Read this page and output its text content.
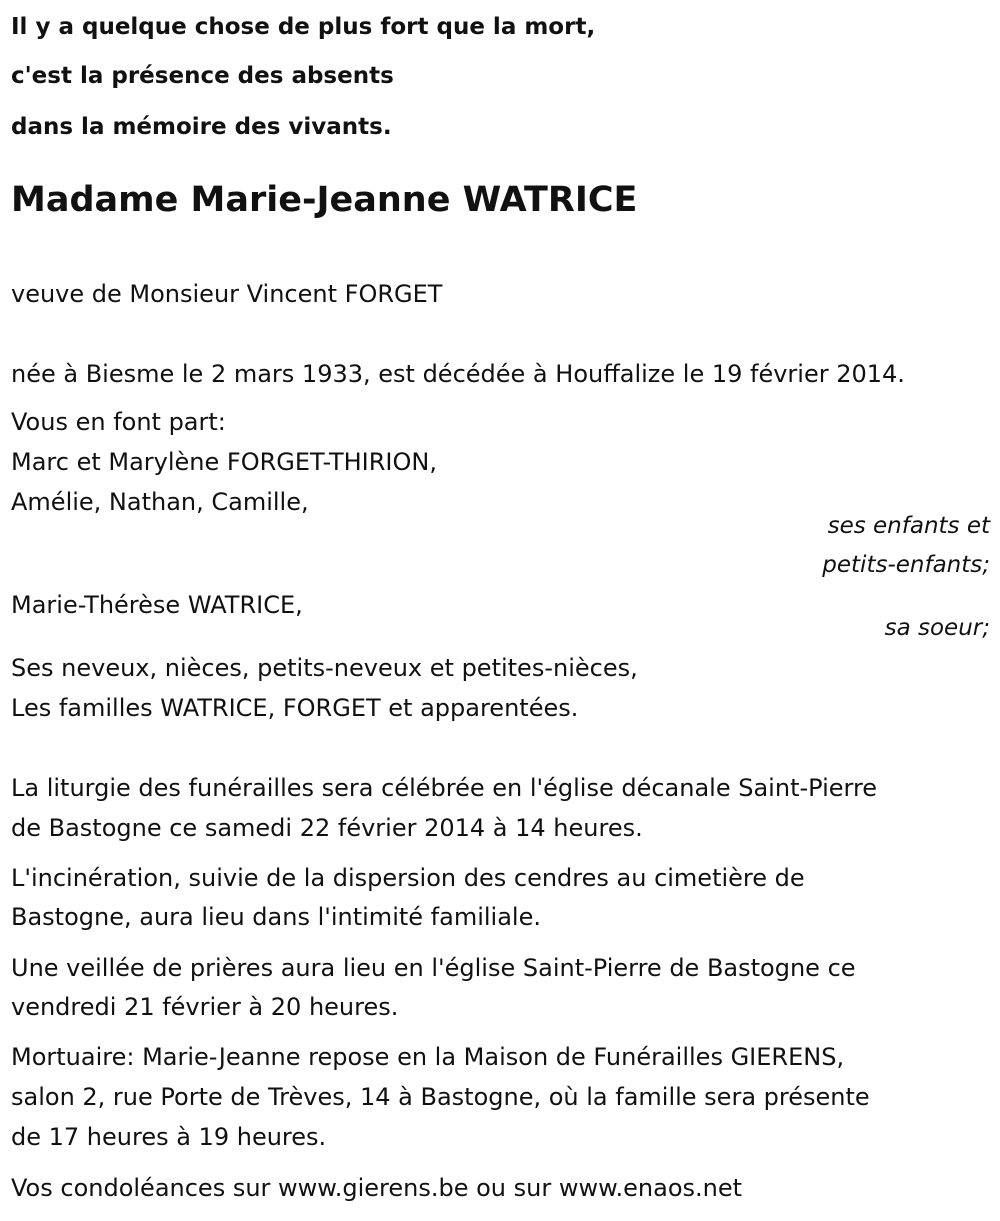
Il y a quelque chose de plus fort que la mort,
c'est la présence des absents
dans la mémoire des vivants.
Madame Marie-Jeanne WATRICE
veuve de Monsieur Vincent FORGET
née à Biesme le 2 mars 1933, est décédée à Houffalize le 19 février 2014.
Vous en font part:
Marc et Marylène FORGET-THIRION,
Amélie, Nathan, Camille,
ses enfants et
petits-enfants;
Marie-Thérèse WATRICE,
sa soeur;
Ses neveux, nièces, petits-neveux et petites-nièces,
Les familles WATRICE, FORGET et apparentées.
La liturgie des funérailles sera célébrée en l'église décanale Saint-Pierre
de Bastogne ce samedi 22 février 2014 à 14 heures.
L'incinération, suivie de la dispersion des cendres au cimetière de
Bastogne, aura lieu dans l'intimité familiale.
Une veillée de prières aura lieu en l'église Saint-Pierre de Bastogne ce
vendredi 21 février à 20 heures.
Mortuaire: Marie-Jeanne repose en la Maison de Funérailles GIERENS,
salon 2, rue Porte de Trèves, 14 à Bastogne, où la famille sera présente
de 17 heures à 19 heures.
Vos condoléances sur www.gierens.be ou sur www.enaos.net
